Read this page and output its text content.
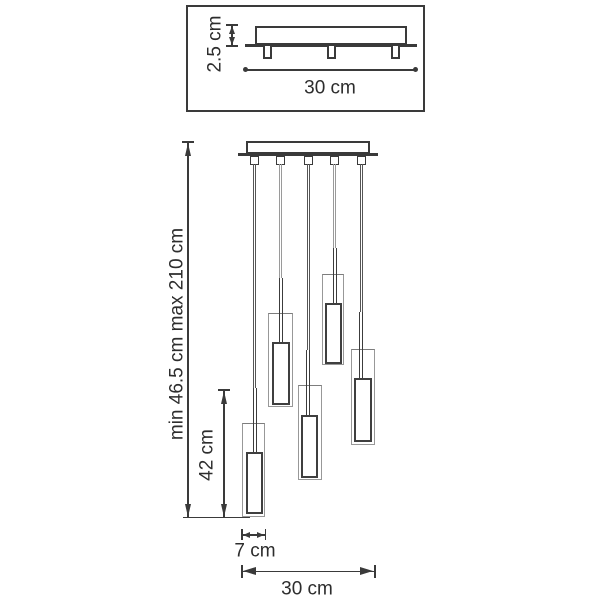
2.5 cm
30 cm
min 46.5 cm max 210 cm
42 cm
7 cm
30 cm
